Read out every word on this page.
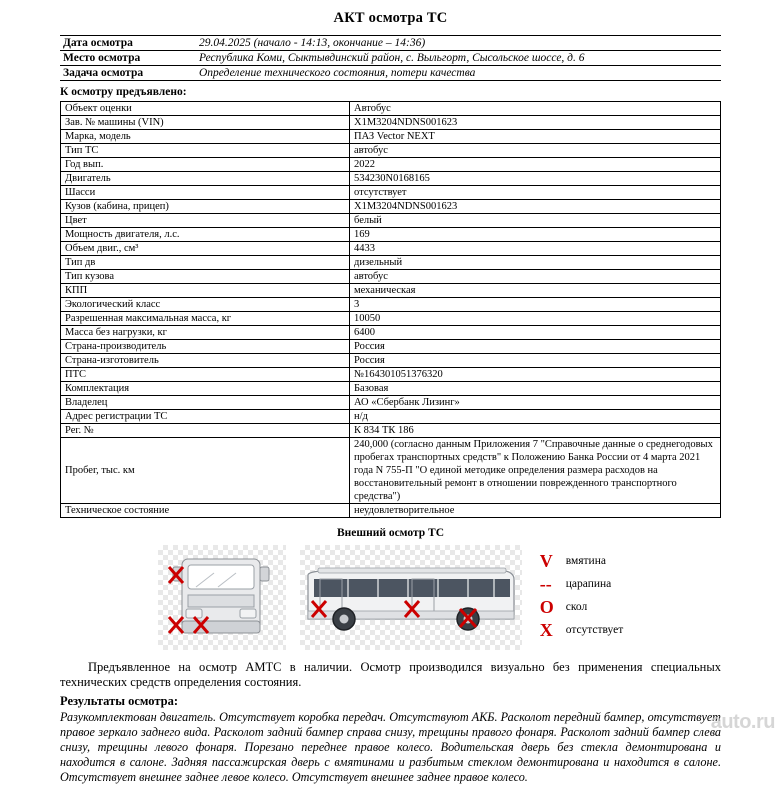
АКТ осмотра ТС
Дата осмотра	29.04.2025 (начало - 14:13, окончание – 14:36)
Место осмотра	Республика Коми, Сыктывдинский район, с. Выльгорт, Сысольское шоссе, д. 6
Задача осмотра	Определение технического состояния, потери качества
К осмотру предъявлено:
Объект оценки	Автобус
Зав. № машины (VIN)	X1M3204NDNS001623
Марка, модель	ПАЗ Vector NEXT
Тип ТС	автобус
Год вып.	2022
Двигатель	534230N0168165
Шасси	отсутствует
Кузов (кабина, прицеп)	X1M3204NDNS001623
Цвет	белый
Мощность двигателя, л.с.	169
Объем двиг., см³	4433
Тип дв	дизельный
Тип кузова	автобус
КПП	механическая
Экологический класс	3
Разрешенная максимальная масса, кг	10050
Масса без нагрузки, кг	6400
Страна-производитель	Россия
Страна-изготовитель	Россия
ПТС	№164301051376320
Комплектация	Базовая
Владелец	АО «Сбербанк Лизинг»
Адрес регистрации ТС	н/д
Рег. №	К 834 ТК 186
Пробег, тыс. км	240,000 (согласно данным Приложения 7 "Справочные данные о среднегодовых пробегах транспортных средств" к Положению Банка России от 4 марта 2021 года N 755-П "О единой методике определения размера расходов на восстановительный ремонт в отношении поврежденного транспортного средства")
Техническое состояние	неудовлетворительное
Внешний осмотр ТС
V	вмятина
--	царапина
O	скол
X	отсутствует
Предъявленное на осмотр АМТС в наличии. Осмотр производился визуально без применения специальных технических средств определения состояния.
Результаты осмотра:
Разукомплектован двигатель. Отсутствует коробка передач. Отсутствуют АКБ. Расколот передний бампер, отсутствует правое зеркало заднего вида. Расколот задний бампер справа снизу, трещины правого фонаря. Расколот задний бампер слева снизу, трещины левого фонаря. Порезано переднее правое колесо. Водительская дверь без стекла демонтирована и находится в салоне. Задняя пассажирская дверь с вмятинами и разбитым стеклом демонтирована и находится в салоне. Отсутствует внешнее заднее левое колесо. Отсутствует внешнее заднее правое колесо.
auto.ru
